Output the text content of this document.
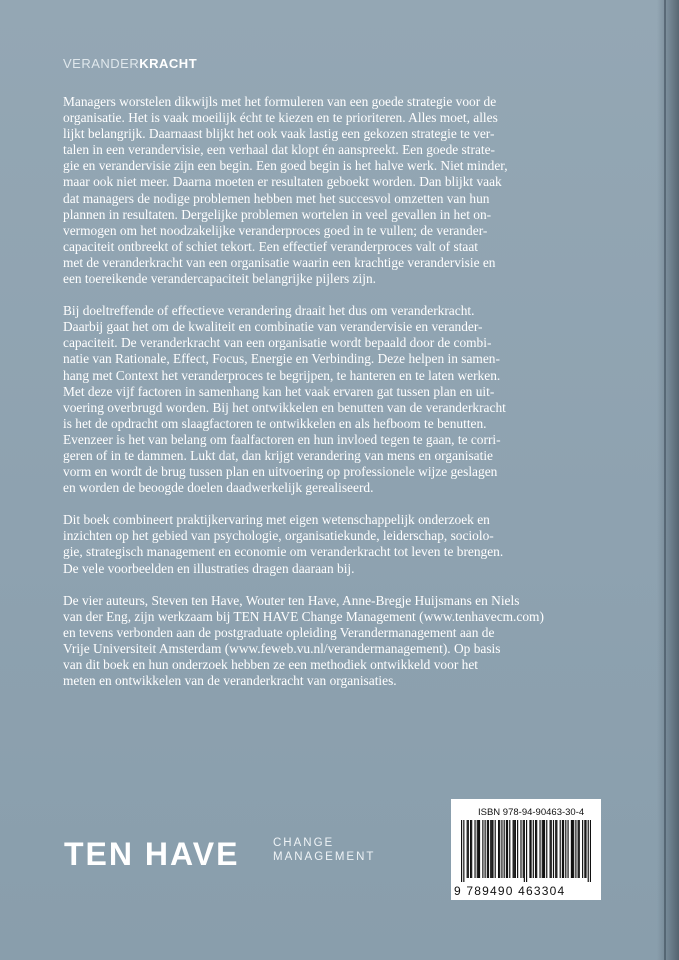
VERANDERKRACHT

Managers worstelen dikwijls met het formuleren van een goede strategie voor de
organisatie. Het is vaak moeilijk écht te kiezen en te prioriteren. Alles moet, alles
lijkt belangrijk. Daarnaast blijkt het ook vaak lastig een gekozen strategie te ver-
talen in een verandervisie, een verhaal dat klopt én aanspreekt. Een goede strate-
gie en verandervisie zijn een begin. Een goed begin is het halve werk. Niet minder,
maar ook niet meer. Daarna moeten er resultaten geboekt worden. Dan blijkt vaak
dat managers de nodige problemen hebben met het succesvol omzetten van hun
plannen in resultaten. Dergelijke problemen wortelen in veel gevallen in het on-
vermogen om het noodzakelijke veranderproces goed in te vullen; de verander-
capaciteit ontbreekt of schiet tekort. Een effectief veranderproces valt of staat
met de veranderkracht van een organisatie waarin een krachtige verandervisie en
een toereikende verandercapaciteit belangrijke pijlers zijn.

Bij doeltreffende of effectieve verandering draait het dus om veranderkracht.
Daarbij gaat het om de kwaliteit en combinatie van verandervisie en verander-
capaciteit. De veranderkracht van een organisatie wordt bepaald door de combi-
natie van Rationale, Effect, Focus, Energie en Verbinding. Deze helpen in samen-
hang met Context het veranderproces te begrijpen, te hanteren en te laten werken.
Met deze vijf factoren in samenhang kan het vaak ervaren gat tussen plan en uit-
voering overbrugd worden. Bij het ontwikkelen en benutten van de veranderkracht
is het de opdracht om slaagfactoren te ontwikkelen en als hefboom te benutten.
Evenzeer is het van belang om faalfactoren en hun invloed tegen te gaan, te corri-
geren of in te dammen. Lukt dat, dan krijgt verandering van mens en organisatie
vorm en wordt de brug tussen plan en uitvoering op professionele wijze geslagen
en worden de beoogde doelen daadwerkelijk gerealiseerd.

Dit boek combineert praktijkervaring met eigen wetenschappelijk onderzoek en
inzichten op het gebied van psychologie, organisatiekunde, leiderschap, sociolo-
gie, strategisch management en economie om veranderkracht tot leven te brengen.
De vele voorbeelden en illustraties dragen daaraan bij.

De vier auteurs, Steven ten Have, Wouter ten Have, Anne-Bregje Huijsmans en Niels
van der Eng, zijn werkzaam bij TEN HAVE Change Management (www.tenhavecm.com)
en tevens verbonden aan de postgraduate opleiding Verandermanagement aan de
Vrije Universiteit Amsterdam (www.feweb.vu.nl/verandermanagement). Op basis
van dit boek en hun onderzoek hebben ze een methodiek ontwikkeld voor het
meten en ontwikkelen van de veranderkracht van organisaties.

TEN HAVE	CHANGE
MANAGEMENT
ISBN 978-94-90463-30-4
9 789490 463304
